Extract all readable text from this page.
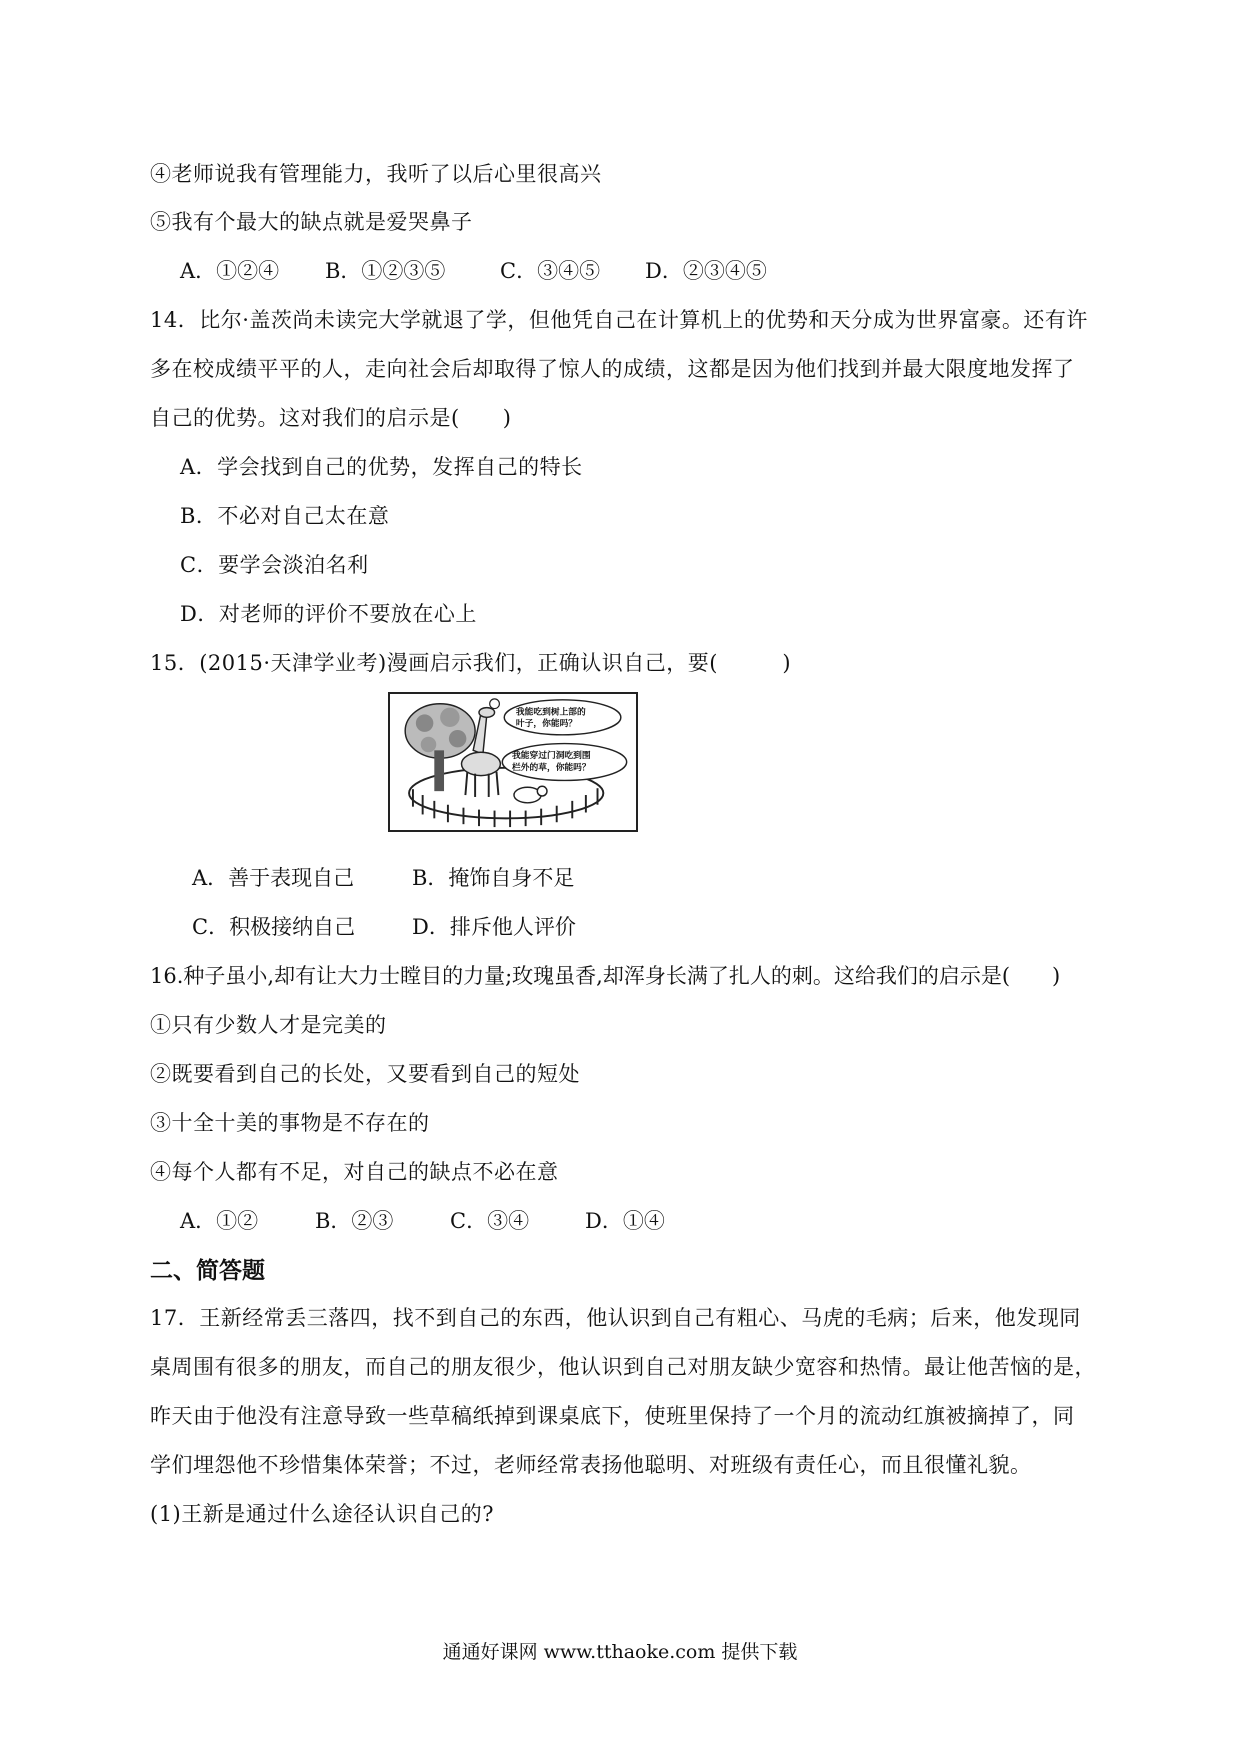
④老师说我有管理能力，我听了以后心里很高兴
⑤我有个最大的缺点就是爱哭鼻子
A．①②④ B．①②③⑤	C．③④⑤ D．②③④⑤
14．比尔·盖茨尚未读完大学就退了学，但他凭自己在计算机上的优势和天分成为世界富豪。还有许
多在校成绩平平的人，走向社会后却取得了惊人的成绩，这都是因为他们找到并最大限度地发挥了
自己的优势。这对我们的启示是(　　)
A．学会找到自己的优势，发挥自己的特长
B．不必对自己太在意
C．要学会淡泊名利
D．对老师的评价不要放在心上
15．(2015·天津学业考)漫画启示我们，正确认识自己，要(　　　)
我能吃到树上部的
叶子，你能吗？
我能穿过门洞吃到围
栏外的草，你能吗？
A．善于表现自己	B．掩饰自身不足
C．积极接纳自己	D．排斥他人评价
16.种子虽小,却有让大力士瞠目的力量;玫瑰虽香,却浑身长满了扎人的刺。这给我们的启示是(　　)
①只有少数人才是完美的
②既要看到自己的长处，又要看到自己的短处
③十全十美的事物是不存在的
④每个人都有不足，对自己的缺点不必在意
A．①②	B．②③	C．③④	D．①④
二、简答题
17．王新经常丢三落四，找不到自己的东西，他认识到自己有粗心、马虎的毛病；后来，他发现同
桌周围有很多的朋友，而自己的朋友很少，他认识到自己对朋友缺少宽容和热情。最让他苦恼的是，
昨天由于他没有注意导致一些草稿纸掉到课桌底下，使班里保持了一个月的流动红旗被摘掉了，同
学们埋怨他不珍惜集体荣誉；不过，老师经常表扬他聪明、对班级有责任心，而且很懂礼貌。
(1)王新是通过什么途径认识自己的?
通通好课网 www.tthaoke.com 提供下载
